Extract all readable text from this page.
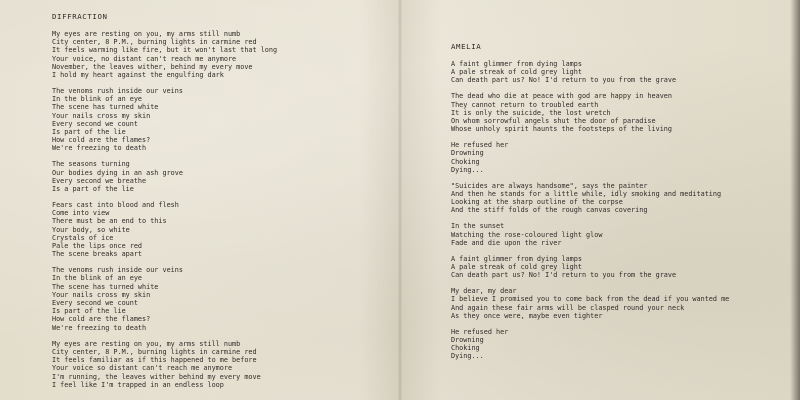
DIFFRACTION
My eyes are resting on you, my arms still numb
City center, 8 P.M., burning lights in carmine red
It feels warming like fire, but it won't last that long
Your voice, no distant can't reach me anymore
November, the leaves wither, behind my every move
I hold my heart against the engulfing dark
The venoms rush inside our veins
In the blink of an eye
The scene has turned white
Your nails cross my skin
Every second we count
Is part of the lie
How cold are the flames?
We're freezing to death
The seasons turning
Our bodies dying in an ash grove
Every second we breathe
Is a part of the lie
Fears cast into blood and flesh
Come into view
There must be an end to this
Your body, so white
Crystals of ice
Pale the lips once red
The scene breaks apart
The venoms rush inside our veins
In the blink of an eye
The scene has turned white
Your nails cross my skin
Every second we count
Is part of the lie
How cold are the flames?
We're freezing to death
My eyes are resting on you, my arms still numb
City center, 8 P.M., burning lights in carmine red
It feels familiar as if this happened to me before
Your voice so distant can't reach me anymore
I'm running, the leaves wither behind my every move
I feel like I'm trapped in an endless loop
AMELIA
A faint glimmer from dying lamps
A pale streak of cold grey light
Can death part us? No! I'd return to you from the grave
The dead who die at peace with god are happy in heaven
They cannot return to troubled earth
It is only the suicide, the lost wretch
On whom sorrowful angels shut the door of paradise
Whose unholy spirit haunts the footsteps of the living
He refused her
Drowning
Choking
Dying...
"Suicides are always handsome", says the painter
And then he stands for a little while, idly smoking and meditating
Looking at the sharp outline of the corpse
And the stiff folds of the rough canvas covering
In the sunset
Watching the rose-coloured light glow
Fade and die upon the river
A faint glimmer from dying lamps
A pale streak of cold grey light
Can death part us? No! I'd return to you from the grave
My dear, my dear
I believe I promised you to come back from the dead if you wanted me
And again these fair arms will be clasped round your neck
As they once were, maybe even tighter
He refused her
Drowning
Choking
Dying...
